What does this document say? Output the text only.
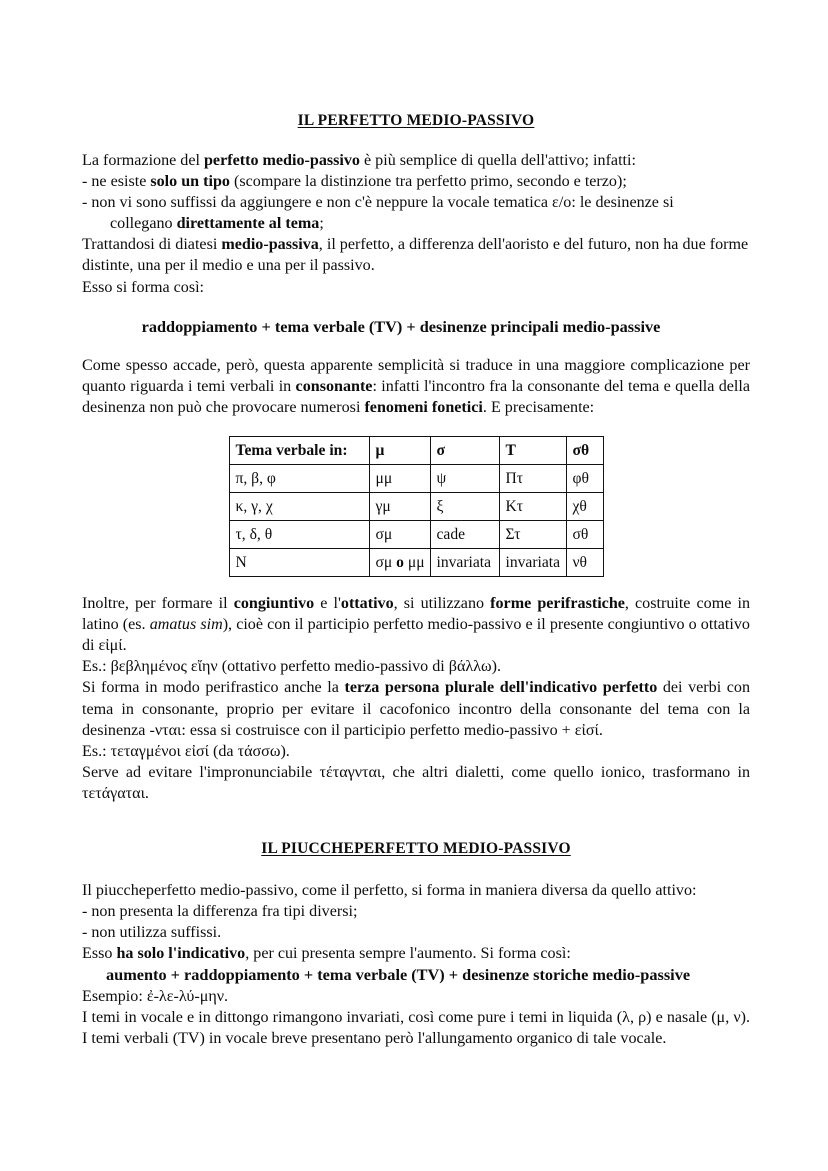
IL PERFETTO MEDIO-PASSIVO

La formazione del perfetto medio-passivo è più semplice di quella dell'attivo; infatti:

- ne esiste solo un tipo (scompare la distinzione tra perfetto primo, secondo e terzo);

- non vi sono suffissi da aggiungere e non c'è neppure la vocale tematica ε/o: le desinenze si
collegano direttamente al tema;

Trattandosi di diatesi medio-passiva, il perfetto, a differenza dell'aoristo e del futuro, non ha due forme distinte, una per il medio e una per il passivo.

Esso si forma così:

raddoppiamento + tema verbale (TV) + desinenze principali medio-passive

Come spesso accade, però, questa apparente semplicità si traduce in una maggiore complicazione per quanto riguarda i temi verbali in consonante: infatti l'incontro fra la consonante del tema e quella della desinenza non può che provocare numerosi fenomeni fonetici. E precisamente:

Tema verbale in:	μ	σ	Τ	σθ
π, β, φ	μμ	ψ	Πτ	φθ
κ, γ, χ	γμ	ξ	Κτ	χθ
τ, δ, θ	σμ	cade	Στ	σθ
N	σμ o μμ	invariata	invariata	νθ

Inoltre, per formare il congiuntivo e l'ottativo, si utilizzano forme perifrastiche, costruite come in latino (es. amatus sim), cioè con il participio perfetto medio-passivo e il presente congiuntivo o ottativo di εἰμί.

Es.: βεβλημένος εἴην (ottativo perfetto medio-passivo di βάλλω).

Si forma in modo perifrastico anche la terza persona plurale dell'indicativo perfetto dei verbi con tema in consonante, proprio per evitare il cacofonico incontro della consonante del tema con la desinenza -νται: essa si costruisce con il participio perfetto medio-passivo + εἰσί.

Es.: τεταγμένοι εἰσί (da τάσσω).

Serve ad evitare l'impronunciabile τέταγνται, che altri dialetti, come quello ionico, trasformano in τετάγαται.

IL PIUCCHEPERFETTO MEDIO-PASSIVO

Il piuccheperfetto medio-passivo, come il perfetto, si forma in maniera diversa da quello attivo:

- non presenta la differenza fra tipi diversi;

- non utilizza suffissi.

Esso ha solo l'indicativo, per cui presenta sempre l'aumento. Si forma così:

aumento + raddoppiamento + tema verbale (TV) + desinenze storiche medio-passive

Esempio: ἐ-λε-λύ-μην.

I temi in vocale e in dittongo rimangono invariati, così come pure i temi in liquida (λ, ρ) e nasale (μ, ν). I temi verbali (TV) in vocale breve presentano però l'allungamento organico di tale vocale.
